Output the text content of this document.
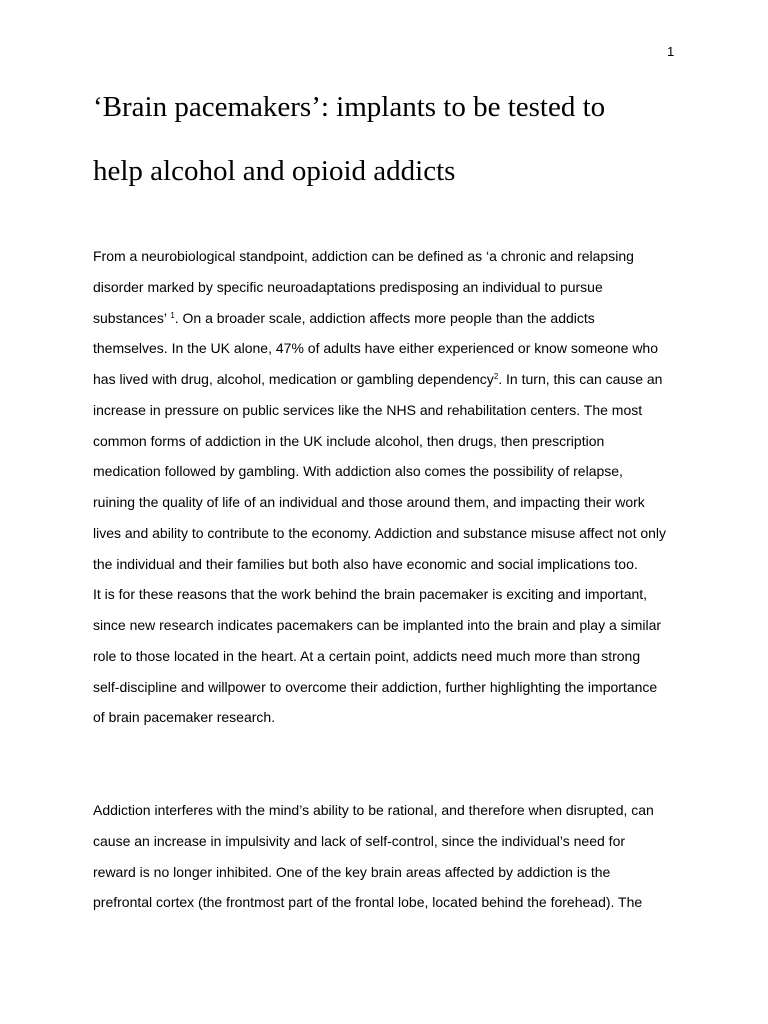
1
‘Brain pacemakers’: implants to be tested to
help alcohol and opioid addicts
From a neurobiological standpoint, addiction can be defined as ‘a chronic and relapsing
disorder marked by specific neuroadaptations predisposing an individual to pursue
substances’ $^1$. On a broader scale, addiction affects more people than the addicts
themselves. In the UK alone, 47% of adults have either experienced or know someone who
has lived with drug, alcohol, medication or gambling dependency$^2$. In turn, this can cause an
increase in pressure on public services like the NHS and rehabilitation centers. The most
common forms of addiction in the UK include alcohol, then drugs, then prescription
medication followed by gambling. With addiction also comes the possibility of relapse,
ruining the quality of life of an individual and those around them, and impacting their work
lives and ability to contribute to the economy. Addiction and substance misuse affect not only
the individual and their families but both also have economic and social implications too.
It is for these reasons that the work behind the brain pacemaker is exciting and important,
since new research indicates pacemakers can be implanted into the brain and play a similar
role to those located in the heart. At a certain point, addicts need much more than strong
self-discipline and willpower to overcome their addiction, further highlighting the importance
of brain pacemaker research.
Addiction interferes with the mind’s ability to be rational, and therefore when disrupted, can
cause an increase in impulsivity and lack of self-control, since the individual’s need for
reward is no longer inhibited. One of the key brain areas affected by addiction is the
prefrontal cortex (the frontmost part of the frontal lobe, located behind the forehead). The
